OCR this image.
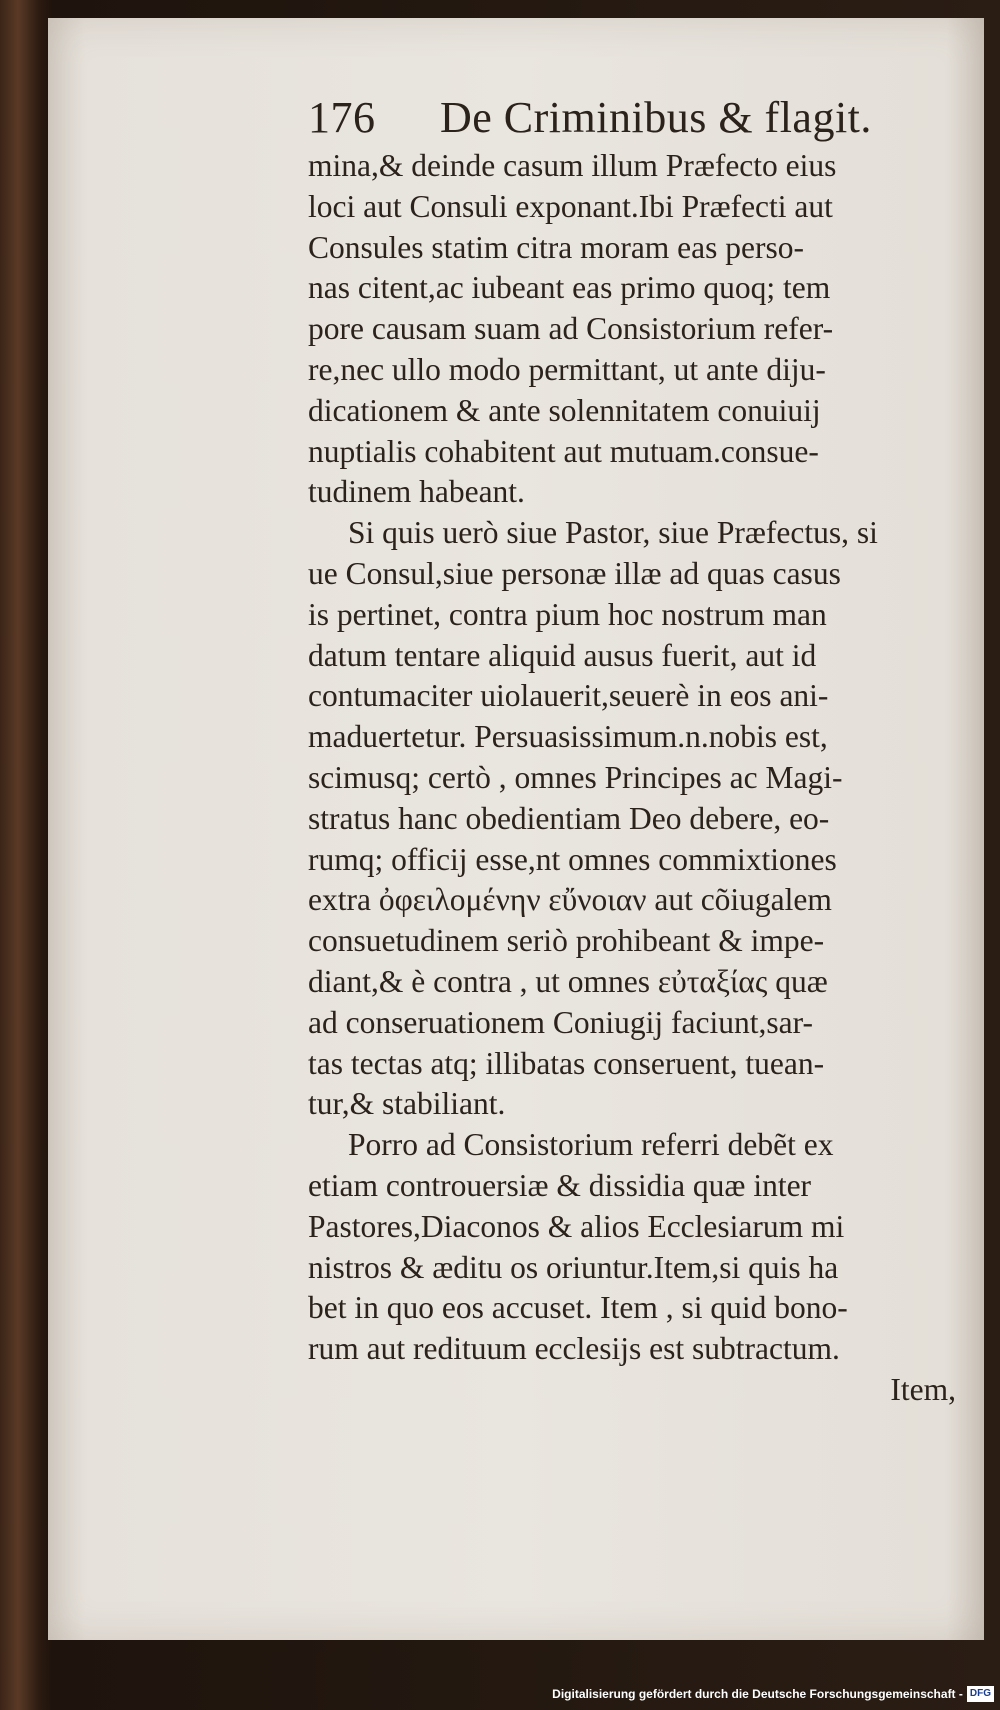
176	De Criminibus & flagit.
mina,& deinde casum illum Præfecto eius
loci aut Consuli exponant.Ibi Præfecti aut
Consules statim citra moram eas perso-
nas citent,ac iubeant eas primo quoq; tem
pore causam suam ad Consistorium refer-
re,nec ullo modo permittant, ut ante diju-
dicationem & ante solennitatem conuiuij
nuptialis cohabitent aut mutuam.consue-
tudinem habeant.
Si quis uerò siue Pastor, siue Præfectus, si
ue Consul,siue personæ illæ ad quas casus
is pertinet, contra pium hoc nostrum man
datum tentare aliquid ausus fuerit, aut id
contumaciter uiolauerit,seuerè in eos ani-
maduertetur. Persuasissimum.n.nobis est,
scimusq; certò , omnes Principes ac Magi-
stratus hanc obedientiam Deo debere, eo-
rumq; officij esse,nt omnes commixtiones
extra ὀφειλομένην εὔνοιαν aut cõiugalem
consuetudinem seriò prohibeant & impe-
diant,& è contra , ut omnes εὐταξίας quæ
ad conseruationem Coniugij faciunt,sar-
tas tectas atq; illibatas conseruent, tuean-
tur,& stabiliant.
Porro ad Consistorium referri debẽt ex
etiam controuersiæ & dissidia quæ inter
Pastores,Diaconos & alios Ecclesiarum mi
nistros & æditu os oriuntur.Item,si quis ha
bet in quo eos accuset. Item , si quid bono-
rum aut redituum ecclesijs est subtractum.
Item,
Digitalisierung gefördert durch die Deutsche Forschungsgemeinschaft - DFG
